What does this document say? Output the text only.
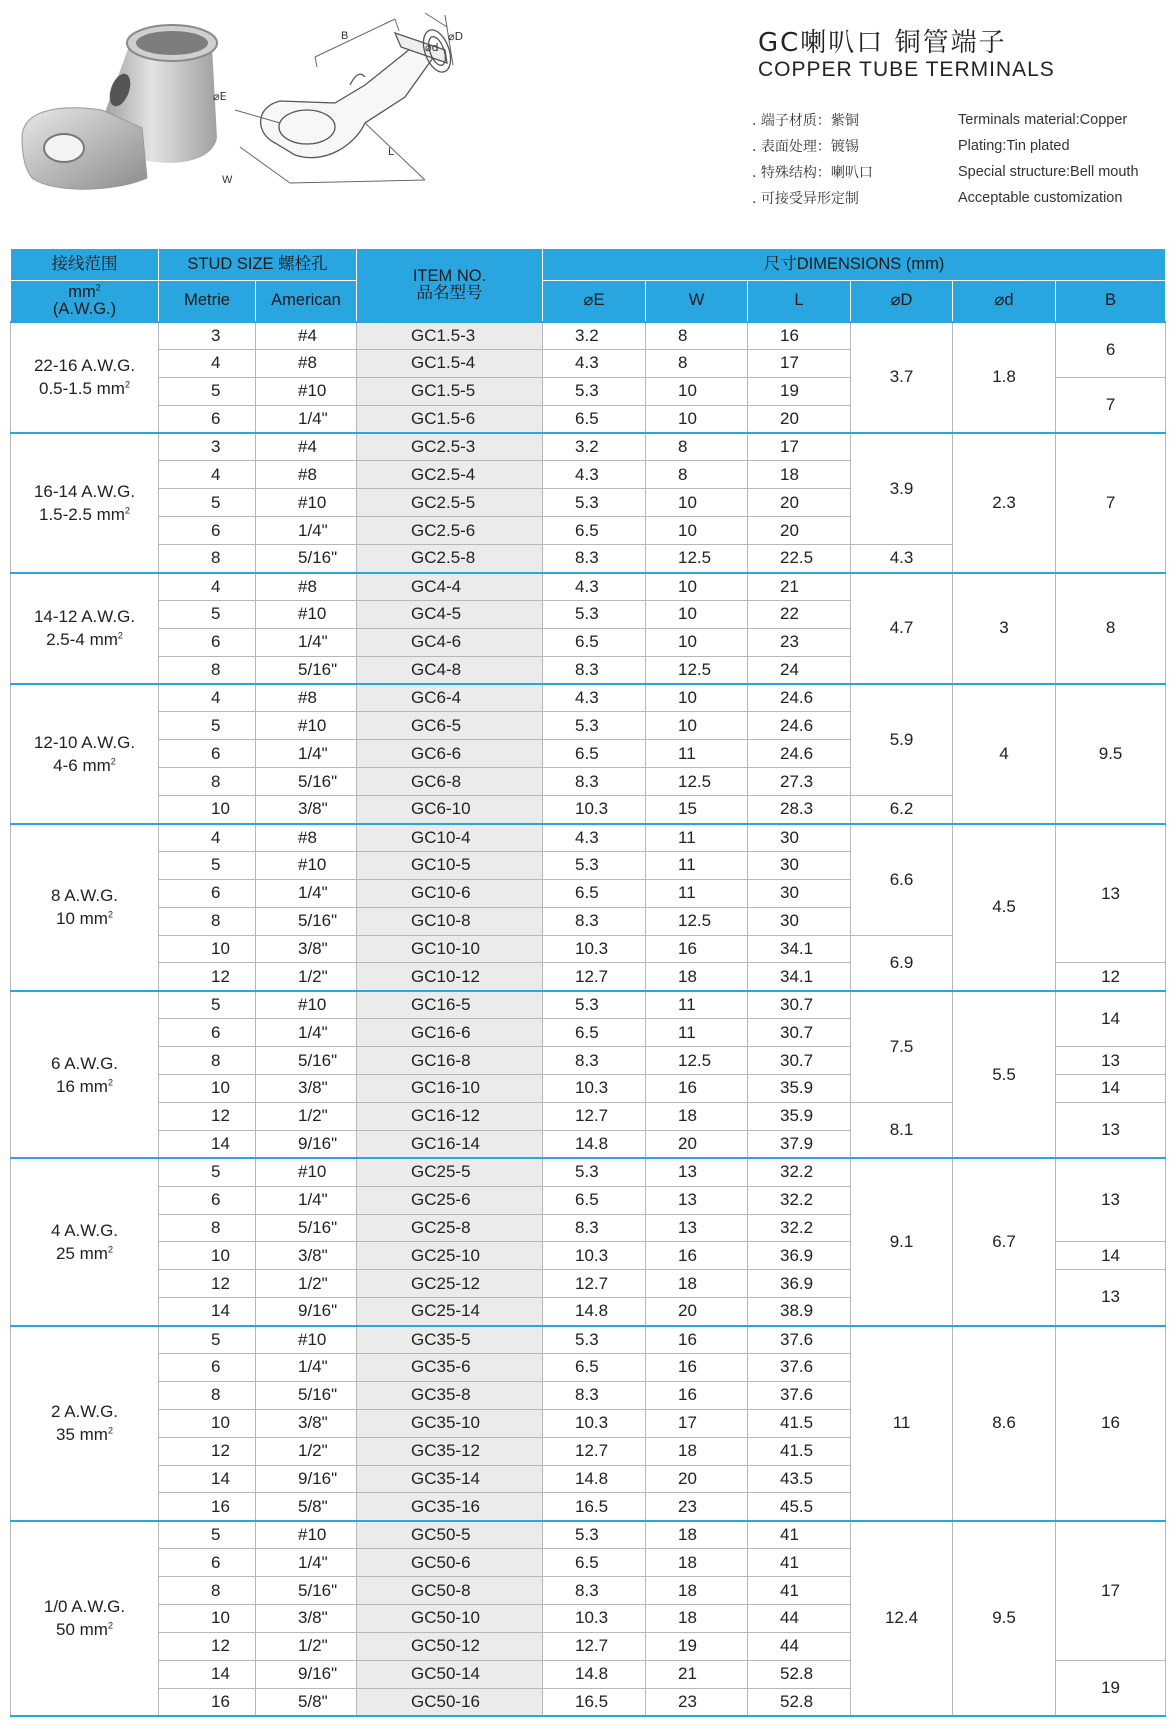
B
⌀d
⌀D
⌀E
L
W
GC喇叭口 铜管端子
COPPER TUBE TERMINALS
. 端子材质：紫铜
. 表面处理：镀锡
. 特殊结构：喇叭口
. 可接受异形定制
Terminals material:Copper
Plating:Tin plated
Special structure:Bell mouth
Acceptable customization
接线范围	STUD SIZE 螺栓孔		ITEM NO.
品名型号	尺寸DIMENSIONS (mm)					
$mm^2$
(A.W.G.)	Metrie	American		⌀E	W	L	⌀D	⌀d	B
22-16 A.W.G.
0.5-1.5 $mm^2$	3	#4	GC1.5-3	3.2	8	16	3.7	1.8	6
	4	#8	GC1.5-4	4.3	8	17			
	5	#10	GC1.5-5	5.3	10	19			7
	6	1/4"	GC1.5-6	6.5	10	20			
16-14 A.W.G.
1.5-2.5 $mm^2$	3	#4	GC2.5-3	3.2	8	17	3.9	2.3	7
	4	#8	GC2.5-4	4.3	8	18			
	5	#10	GC2.5-5	5.3	10	20			
	6	1/4"	GC2.5-6	6.5	10	20			
	8	5/16"	GC2.5-8	8.3	12.5	22.5	4.3		
14-12 A.W.G.
2.5-4 $mm^2$	4	#8	GC4-4	4.3	10	21	4.7	3	8
	5	#10	GC4-5	5.3	10	22			
	6	1/4"	GC4-6	6.5	10	23			
	8	5/16"	GC4-8	8.3	12.5	24			
12-10 A.W.G.
4-6 $mm^2$	4	#8	GC6-4	4.3	10	24.6	5.9	4	9.5
	5	#10	GC6-5	5.3	10	24.6			
	6	1/4"	GC6-6	6.5	11	24.6			
	8	5/16"	GC6-8	8.3	12.5	27.3			
	10	3/8"	GC6-10	10.3	15	28.3	6.2		
8 A.W.G.
10 $mm^2$	4	#8	GC10-4	4.3	11	30	6.6	4.5	13
	5	#10	GC10-5	5.3	11	30			
	6	1/4"	GC10-6	6.5	11	30			
	8	5/16"	GC10-8	8.3	12.5	30			
	10	3/8"	GC10-10	10.3	16	34.1	6.9		
	12	1/2"	GC10-12	12.7	18	34.1			12
6 A.W.G.
16 $mm^2$	5	#10	GC16-5	5.3	11	30.7	7.5	5.5	14
	6	1/4"	GC16-6	6.5	11	30.7			
	8	5/16"	GC16-8	8.3	12.5	30.7			13
	10	3/8"	GC16-10	10.3	16	35.9			14
	12	1/2"	GC16-12	12.7	18	35.9	8.1		13
	14	9/16"	GC16-14	14.8	20	37.9			
4 A.W.G.
25 $mm^2$	5	#10	GC25-5	5.3	13	32.2	9.1	6.7	13
	6	1/4"	GC25-6	6.5	13	32.2			
	8	5/16"	GC25-8	8.3	13	32.2			
	10	3/8"	GC25-10	10.3	16	36.9			14
	12	1/2"	GC25-12	12.7	18	36.9			13
	14	9/16"	GC25-14	14.8	20	38.9			
2 A.W.G.
35 $mm^2$	5	#10	GC35-5	5.3	16	37.6	11	8.6	16
	6	1/4"	GC35-6	6.5	16	37.6			
	8	5/16"	GC35-8	8.3	16	37.6			
	10	3/8"	GC35-10	10.3	17	41.5			
	12	1/2"	GC35-12	12.7	18	41.5			
	14	9/16"	GC35-14	14.8	20	43.5			
	16	5/8"	GC35-16	16.5	23	45.5			
1/0 A.W.G.
50 $mm^2$	5	#10	GC50-5	5.3	18	41	12.4	9.5	17
	6	1/4"	GC50-6	6.5	18	41			
	8	5/16"	GC50-8	8.3	18	41			
	10	3/8"	GC50-10	10.3	18	44			
	12	1/2"	GC50-12	12.7	19	44			
	14	9/16"	GC50-14	14.8	21	52.8			19
	16	5/8"	GC50-16	16.5	23	52.8			
